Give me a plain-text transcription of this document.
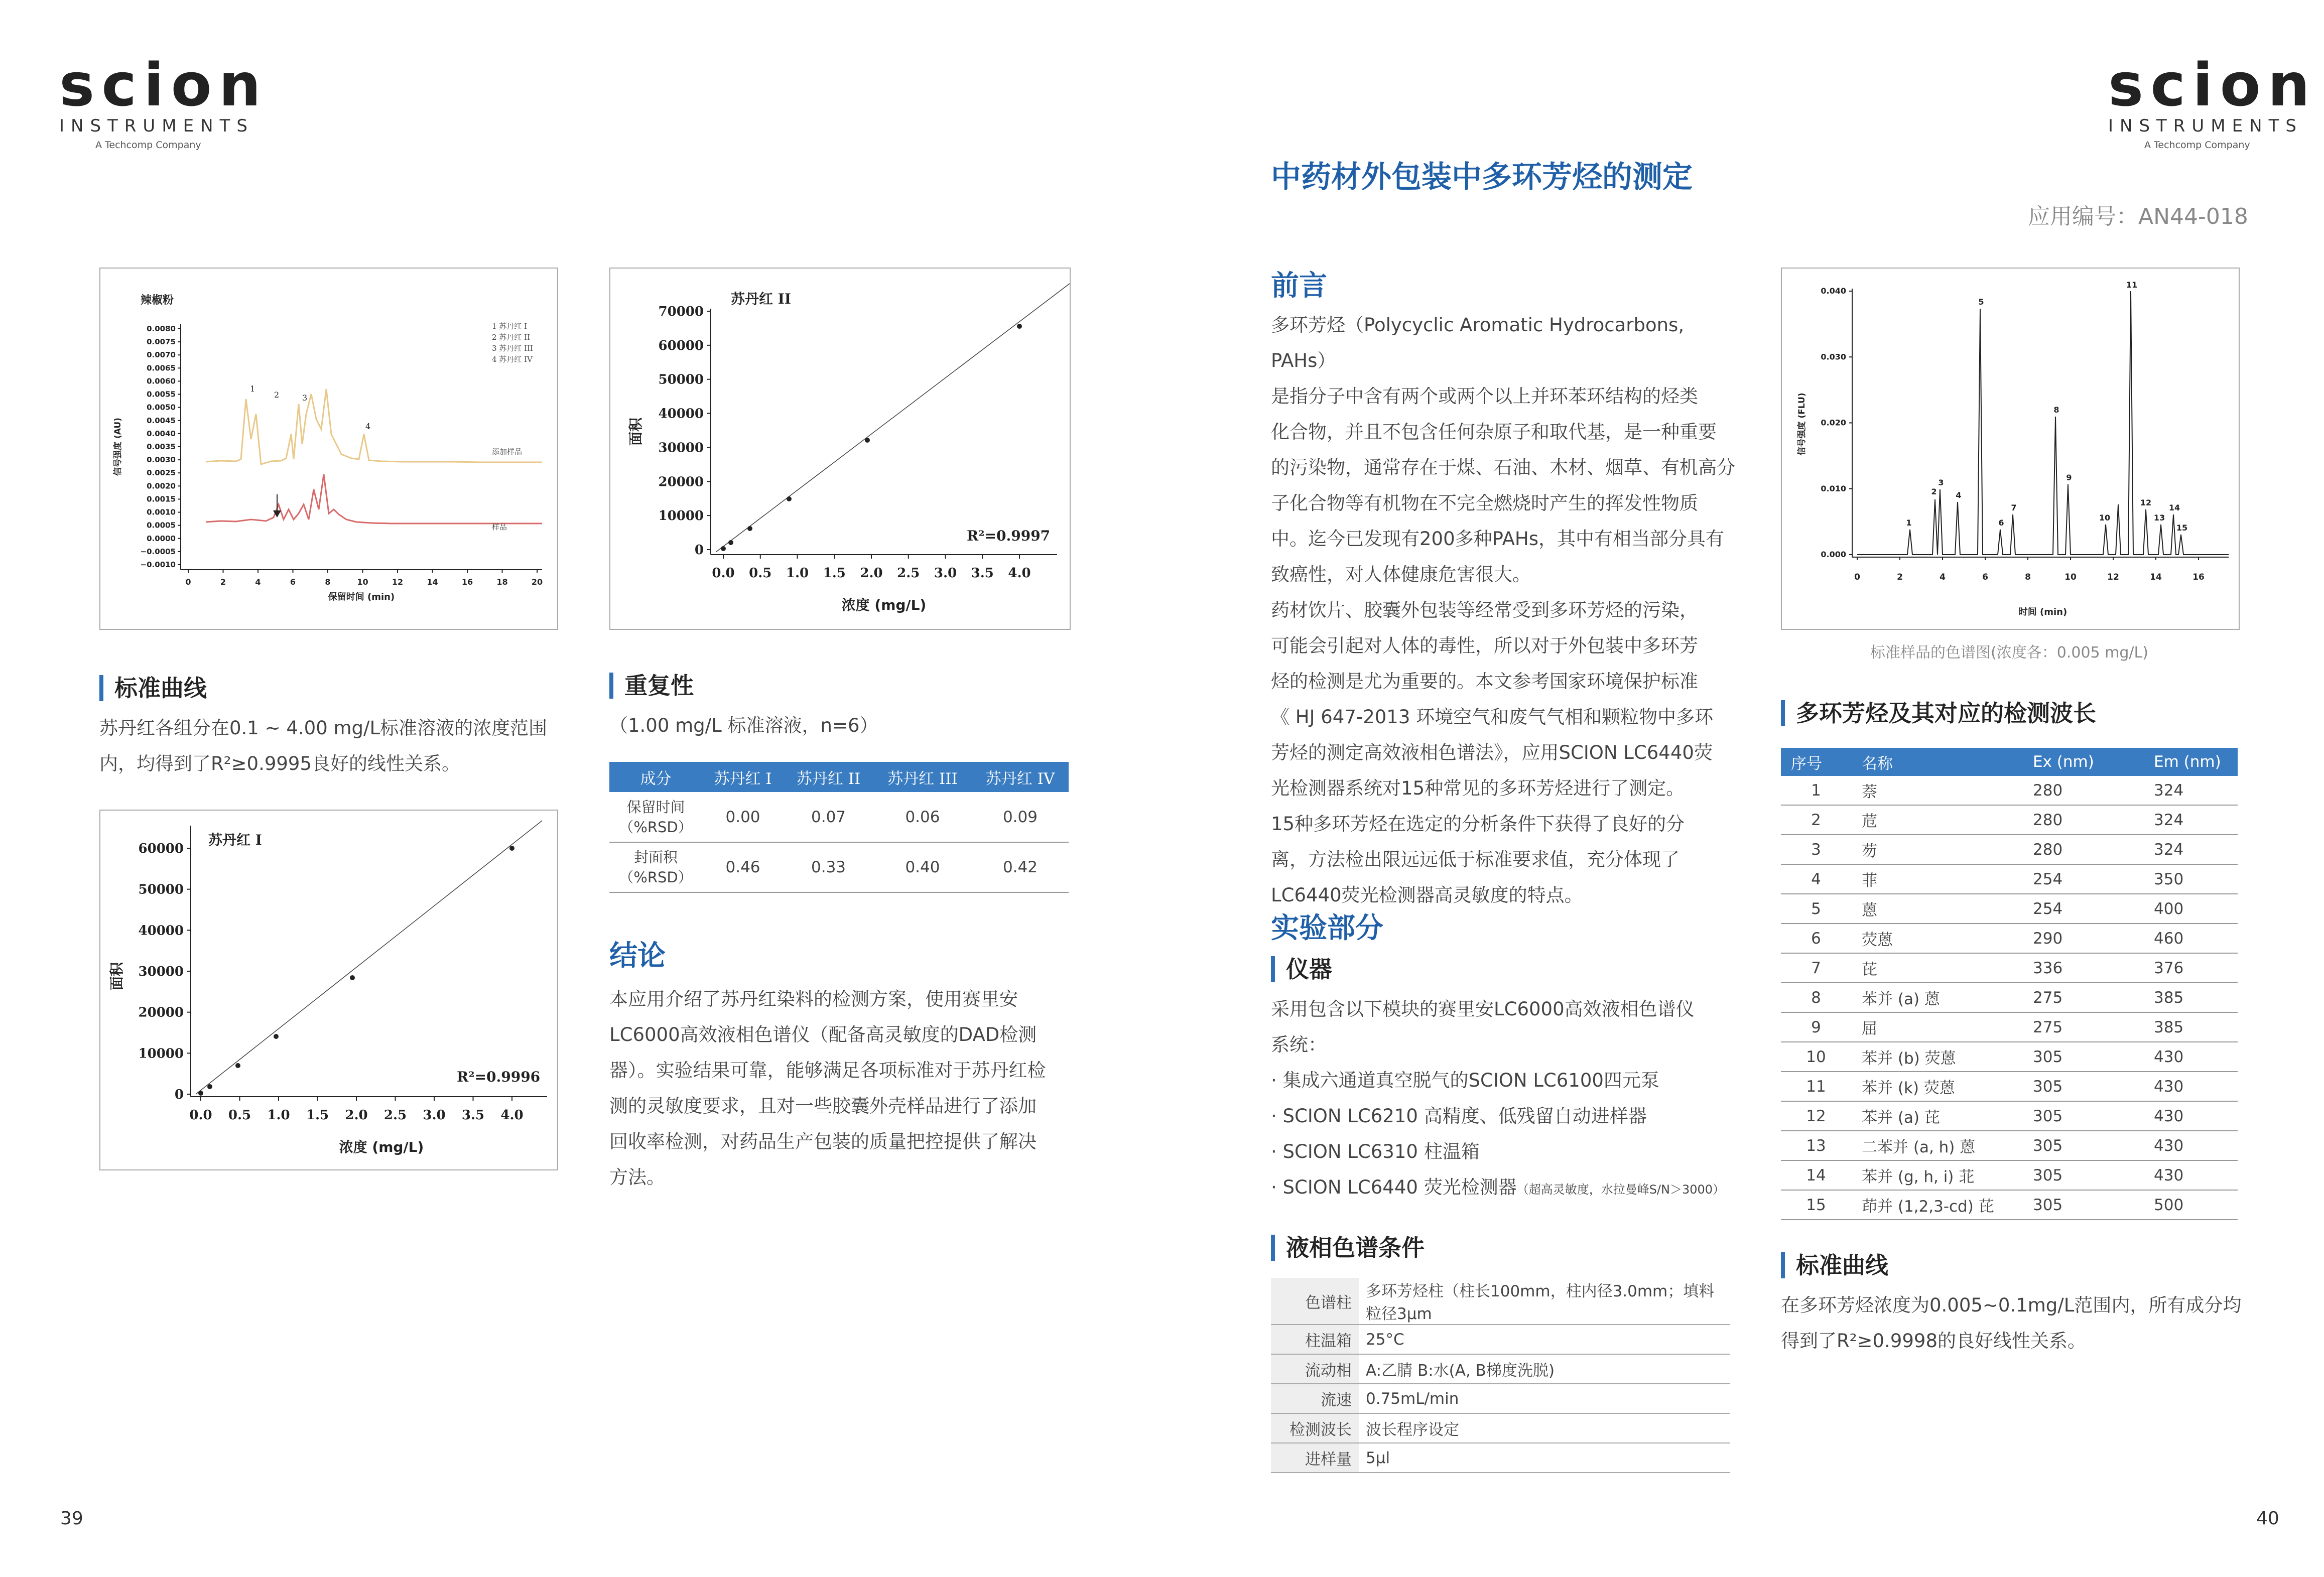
scion
INSTRUMENTS
A Techcomp Company
scion
INSTRUMENTS
A Techcomp Company
辣椒粉
0.0080
0.0075
0.0070
0.0065
0.0060
0.0055
0.0050
0.0045
0.0040
0.0035
0.0030
0.0025
0.0020
0.0015
0.0010
0.0005
0.0000
−0.0005
−0.0010
0	2	4	6	8	10	12	14	16	18	20
信号强度 (AU)
保留时间 (min)
1
2	3
4
添加样品
样品
1 苏丹红 I
2 苏丹红 II
3 苏丹红 III
4 苏丹红 IV
苏丹红 II
0
10000
20000
30000
40000
50000
60000
70000
0.0 0.5 1.0 1.5 2.0 2.5 3.0 3.5 4.0
面积
浓度 (mg/L)
R²=0.9997
标准曲线

苏丹红各组分在0.1 ~ 4.00 mg/L标准溶液的浓度范围

内，均得到了R²≥0.9995良好的线性关系。

苏丹红 I
0
10000
20000
30000
40000
50000
60000
0.0 0.5 1.0 1.5 2.0 2.5 3.0 3.5 4.0
面积
浓度 (mg/L)
R²=0.9996
重复性
（1.00 mg/L 标准溶液，n=6）
成分	苏丹红 I	苏丹红 II	苏丹红 III	苏丹红 IV

保留时间
（%RSD）	0.00	0.07	0.06	0.09

封面积
（%RSD）	0.46	0.33	0.40	0.42
结论

本应用介绍了苏丹红染料的检测方案，使用赛里安

LC6000高效液相色谱仪（配备高灵敏度的DAD检测

器）。实验结果可靠，能够满足各项标准对于苏丹红检

测的灵敏度要求，且对一些胶囊外壳样品进行了添加

回收率检测，对药品生产包装的质量把控提供了解决

方法。

39
中药材外包装中多环芳烃的测定
应用编号：AN44-018
前言

多环芳烃（Polycyclic Aromatic Hydrocarbons, PAHs）

是指分子中含有两个或两个以上并环苯环结构的烃类

化合物，并且不包含任何杂原子和取代基，是一种重要

的污染物，通常存在于煤、石油、木材、烟草、有机高分

子化合物等有机物在不完全燃烧时产生的挥发性物质

中。迄今已发现有200多种PAHs，其中有相当部分具有

致癌性，对人体健康危害很大。

药材饮片、胶囊外包装等经常受到多环芳烃的污染，

可能会引起对人体的毒性，所以对于外包装中多环芳

烃的检测是尤为重要的。本文参考国家环境保护标准

《 HJ 647-2013 环境空气和废气气相和颗粒物中多环

芳烃的测定高效液相色谱法》，应用SCION LC6440荧

光检测器系统对15种常见的多环芳烃进行了测定。

15种多环芳烃在选定的分析条件下获得了良好的分

离，方法检出限远远低于标准要求值，充分体现了

LC6440荧光检测器高灵敏度的特点。

实验部分
仪器

采用包含以下模块的赛里安LC6000高效液相色谱仪

系统：

· 集成六通道真空脱气的SCION LC6100四元泵

· SCION LC6210 高精度、低残留自动进样器

· SCION LC6310 柱温箱

· SCION LC6440 荧光检测器（超高灵敏度，水拉曼峰S/N＞3000）

液相色谱条件
色谱柱	多环芳烃柱（柱长100mm，柱内径3.0mm；填料粒径3μm
柱温箱	25°C
流动相	A:乙腈 B:水(A, B梯度洗脱)
流速	0.75mL/min
检测波长	波长程序设定
进样量	5μl
0.000
0.010
0.020
0.030
0.040
0	2	4	6	8	10	12	14	16
信号强度 (FLU)
时间 (min)
1
2
3
4
5
6
7
8
9
10
11
12
13
14
15
标准样品的色谱图(浓度各：0.005 mg/L)
多环芳烃及其对应的检测波长
序号	名称	Ex (nm)	Em (nm)
1	萘	280	324
2	苊	280	324
3	芴	280	324
4	菲	254	350
5	蒽	254	400
6	荧蒽	290	460
7	芘	336	376
8	苯并 (a) 蒽	275	385
9	屈	275	385
10	苯并 (b) 荧蒽	305	430
11	苯并 (k) 荧蒽	305	430
12	苯并 (a) 芘	305	430
13	二苯并 (a, h) 蒽	305	430
14	苯并 (g, h, i) 苝	305	430
15	茚并 (1,2,3-cd) 芘	305	500
标准曲线

在多环芳烃浓度为0.005~0.1mg/L范围内，所有成分均

得到了R²≥0.9998的良好线性关系。

40
